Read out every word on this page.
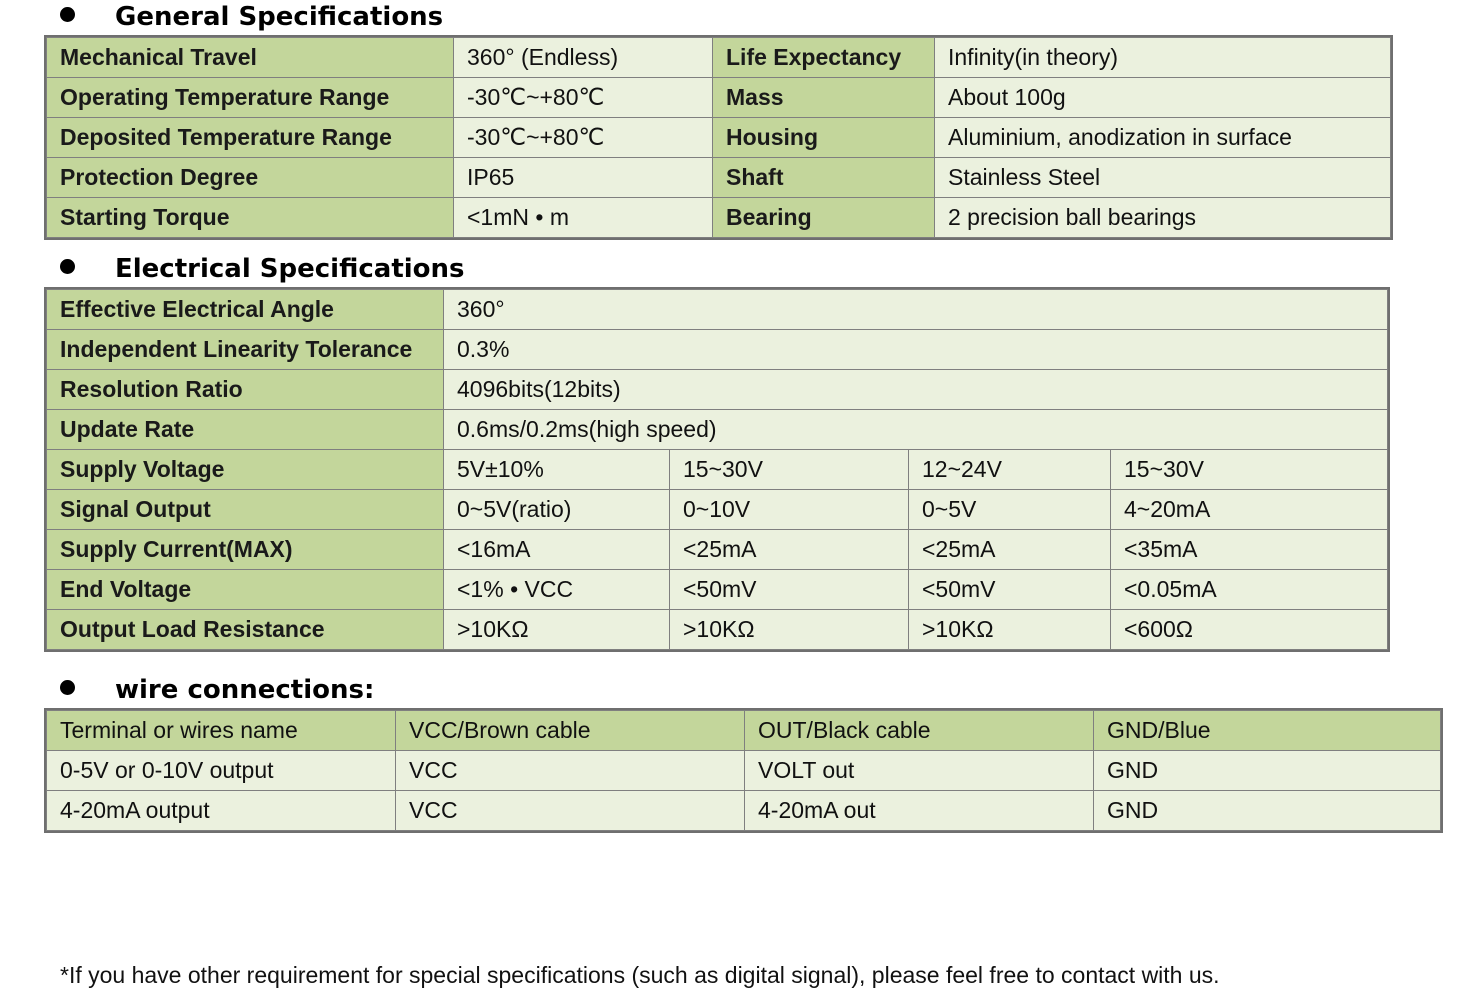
General Specifications
Mechanical Travel	360° (Endless)	Life Expectancy	Infinity(in theory)
Operating Temperature Range	-30℃~+80℃	Mass	About 100g
Deposited Temperature Range	-30℃~+80℃	Housing	Aluminium, anodization in surface
Protection Degree	IP65	Shaft	Stainless Steel
Starting Torque	<1mN • m	Bearing	2 precision ball bearings
Electrical Specifications
Effective Electrical Angle	360°			
Independent Linearity Tolerance	0.3%			
Resolution Ratio	4096bits(12bits)			
Update Rate	0.6ms/0.2ms(high speed)			
Supply Voltage	5V±10%	15~30V	12~24V	15~30V
Signal Output	0~5V(ratio)	0~10V	0~5V	4~20mA
Supply Current(MAX)	<16mA	<25mA	<25mA	<35mA
End Voltage	<1% • VCC	<50mV	<50mV	<0.05mA
Output Load Resistance	>10KΩ	>10KΩ	>10KΩ	<600Ω
wire connections:
Terminal or wires name	VCC/Brown cable	OUT/Black cable	GND/Blue
0-5V or 0-10V output	VCC	VOLT out	GND
4-20mA output	VCC	4-20mA out	GND
*If you have other requirement for special specifications (such as digital signal), please feel free to contact with us.
